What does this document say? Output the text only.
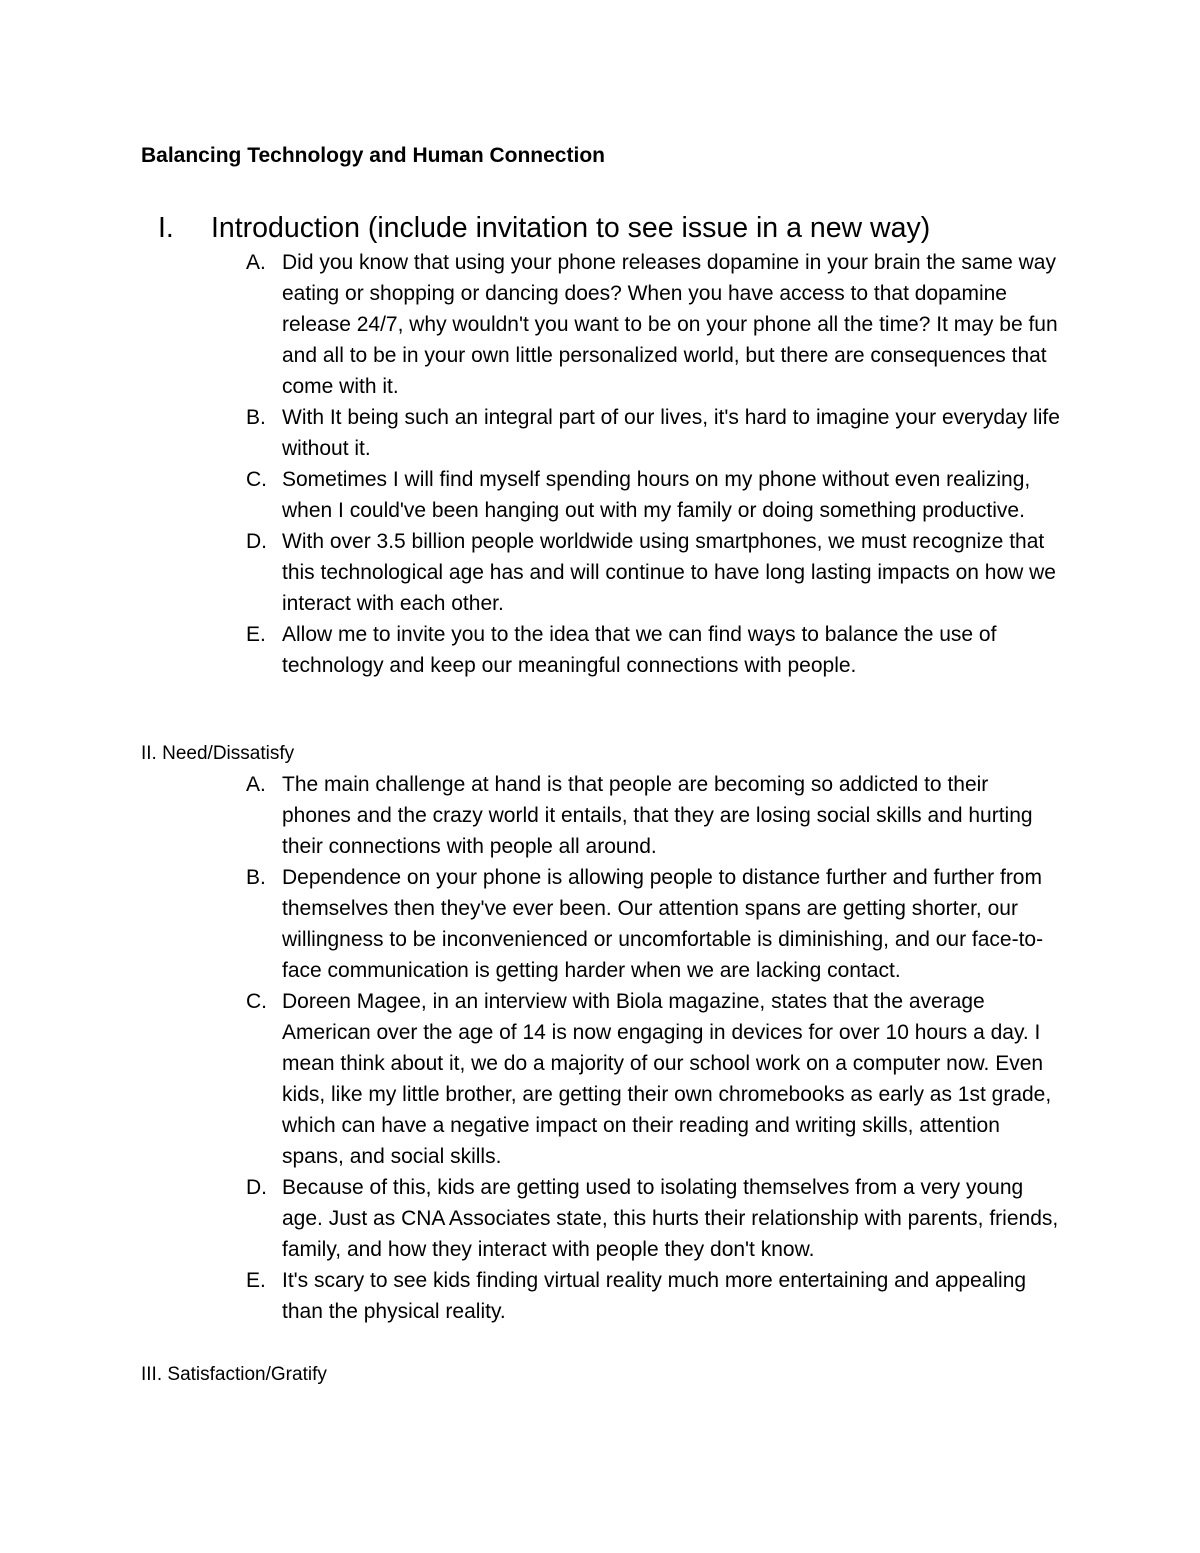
Balancing Technology and Human Connection
I.	Introduction (include invitation to see issue in a new way)
A. Did you know that using your phone releases dopamine in your brain the same way eating or shopping or dancing does? When you have access to that dopamine release 24/7, why wouldn't you want to be on your phone all the time? It may be fun and all to be in your own little personalized world, but there are consequences that come with it.
B. With It being such an integral part of our lives, it's hard to imagine your everyday life without it.
C. Sometimes I will find myself spending hours on my phone without even realizing, when I could've been hanging out with my family or doing something productive.
D. With over 3.5 billion people worldwide using smartphones, we must recognize that this technological age has and will continue to have long lasting impacts on how we interact with each other.
E. Allow me to invite you to the idea that we can find ways to balance the use of technology and keep our meaningful connections with people.
II. Need/Dissatisfy
A. The main challenge at hand is that people are becoming so addicted to their phones and the crazy world it entails, that they are losing social skills and hurting their connections with people all around.
B. Dependence on your phone is allowing people to distance further and further from themselves then they've ever been. Our attention spans are getting shorter, our willingness to be inconvenienced or uncomfortable is diminishing, and our face-to-face communication is getting harder when we are lacking contact.
C. Doreen Magee, in an interview with Biola magazine, states that the average American over the age of 14 is now engaging in devices for over 10 hours a day. I mean think about it, we do a majority of our school work on a computer now. Even kids, like my little brother, are getting their own chromebooks as early as 1st grade, which can have a negative impact on their reading and writing skills, attention spans, and social skills.
D. Because of this, kids are getting used to isolating themselves from a very young age. Just as CNA Associates state, this hurts their relationship with parents, friends, family, and how they interact with people they don't know.
E. It's scary to see kids finding virtual reality much more entertaining and appealing than the physical reality.
III. Satisfaction/Gratify
